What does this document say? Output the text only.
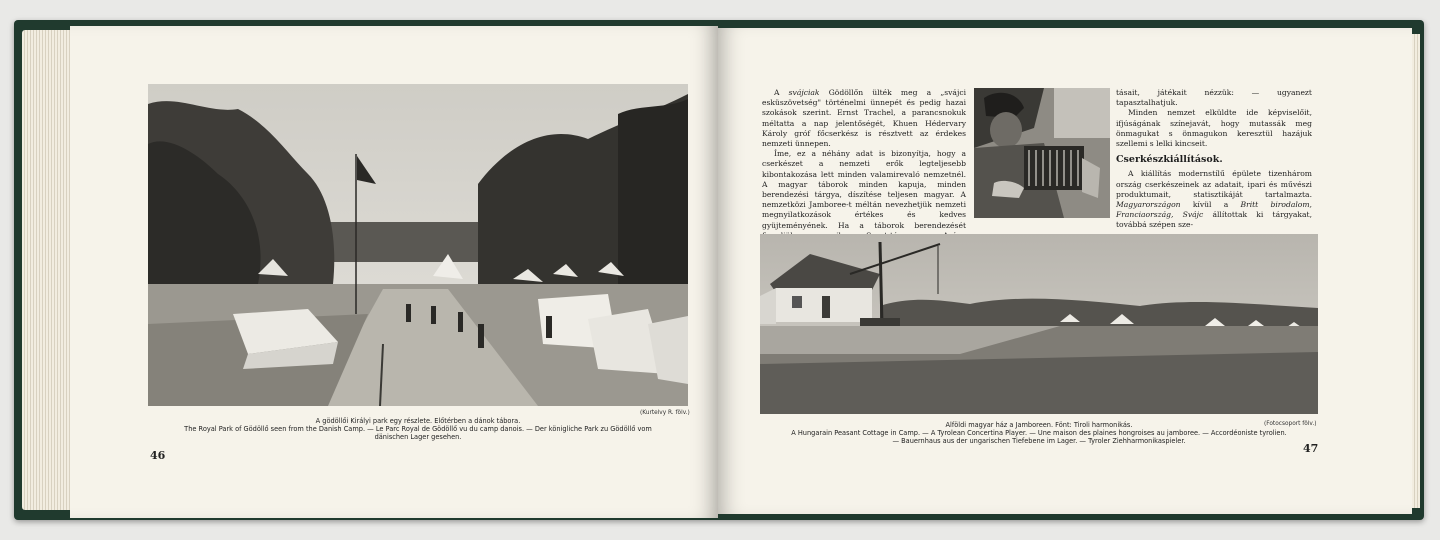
(Kurtelvy R. fölv.)
A gödöllői Királyi park egy részlete. Előtérben a dánok tábora.
The Royal Park of Gödöllő seen from the Danish Camp. — Le Parc Royal de Gödöllő vu du camp danois. — Der königliche Park zu Gödöllő vom
dänischen Lager gesehen.
46

A svájciak Gödöllőn ülték meg a „svájci esküszövetség" történelmi ünnepét és pedig hazai szokások szerint. Ernst Trachel, a parancsnokuk méltatta a nap jelentőségét, Khuen Hédervary Károly gróf főcserkész is résztvett az érdekes nemzeti ünnepen.

Íme, ez a néhány adat is bizonyítja, hogy a cserkészet a nemzeti erők legteljesebb kibontakozása lett minden valamirevaló nemzetnél. A magyar táborok minden kapuja, minden berendezési tárgya, díszítése teljesen magyar. A nemzetközi Jamboree-t méltán nevezhetjük nemzeti megnyilatkozások értékes és kedves gyüjteményének. Ha a táborok berendezését

tásait, játékait nézzük: — ugyanezt tapasztalhatjuk.

Minden nemzet elküldte ide képviselőit, ifjúságának színejavát, hogy mutassák meg önmagukat s önmagukon keresztül hazájuk szellemi s lelki kincseit.

Cserkészkiállítások.

A kiállítás modernstílű épülete tizenhárom ország cserkészeinek az adatait, ipari és művészi produktumait, statisztikáját tartalmazta. Magyarországon kívül a Britt birodalom, Franciaország, Svájc állítottak ki tárgyakat, továbbá szépen sze-

(Fotocsoport fölv.)
Alföldi magyar ház a Jamboreen. Fönt: Tiroli harmonikás.
A Hungarain Peasant Cottage in Camp. — A Tyrolean Concertina Player. — Une maison des plaines hongroises au jamboree. — Accordéoniste tyrolien.
— Bauernhaus aus der ungarischen Tiefebene im Lager. — Tyroler Ziehharmonikaspieler.
47
